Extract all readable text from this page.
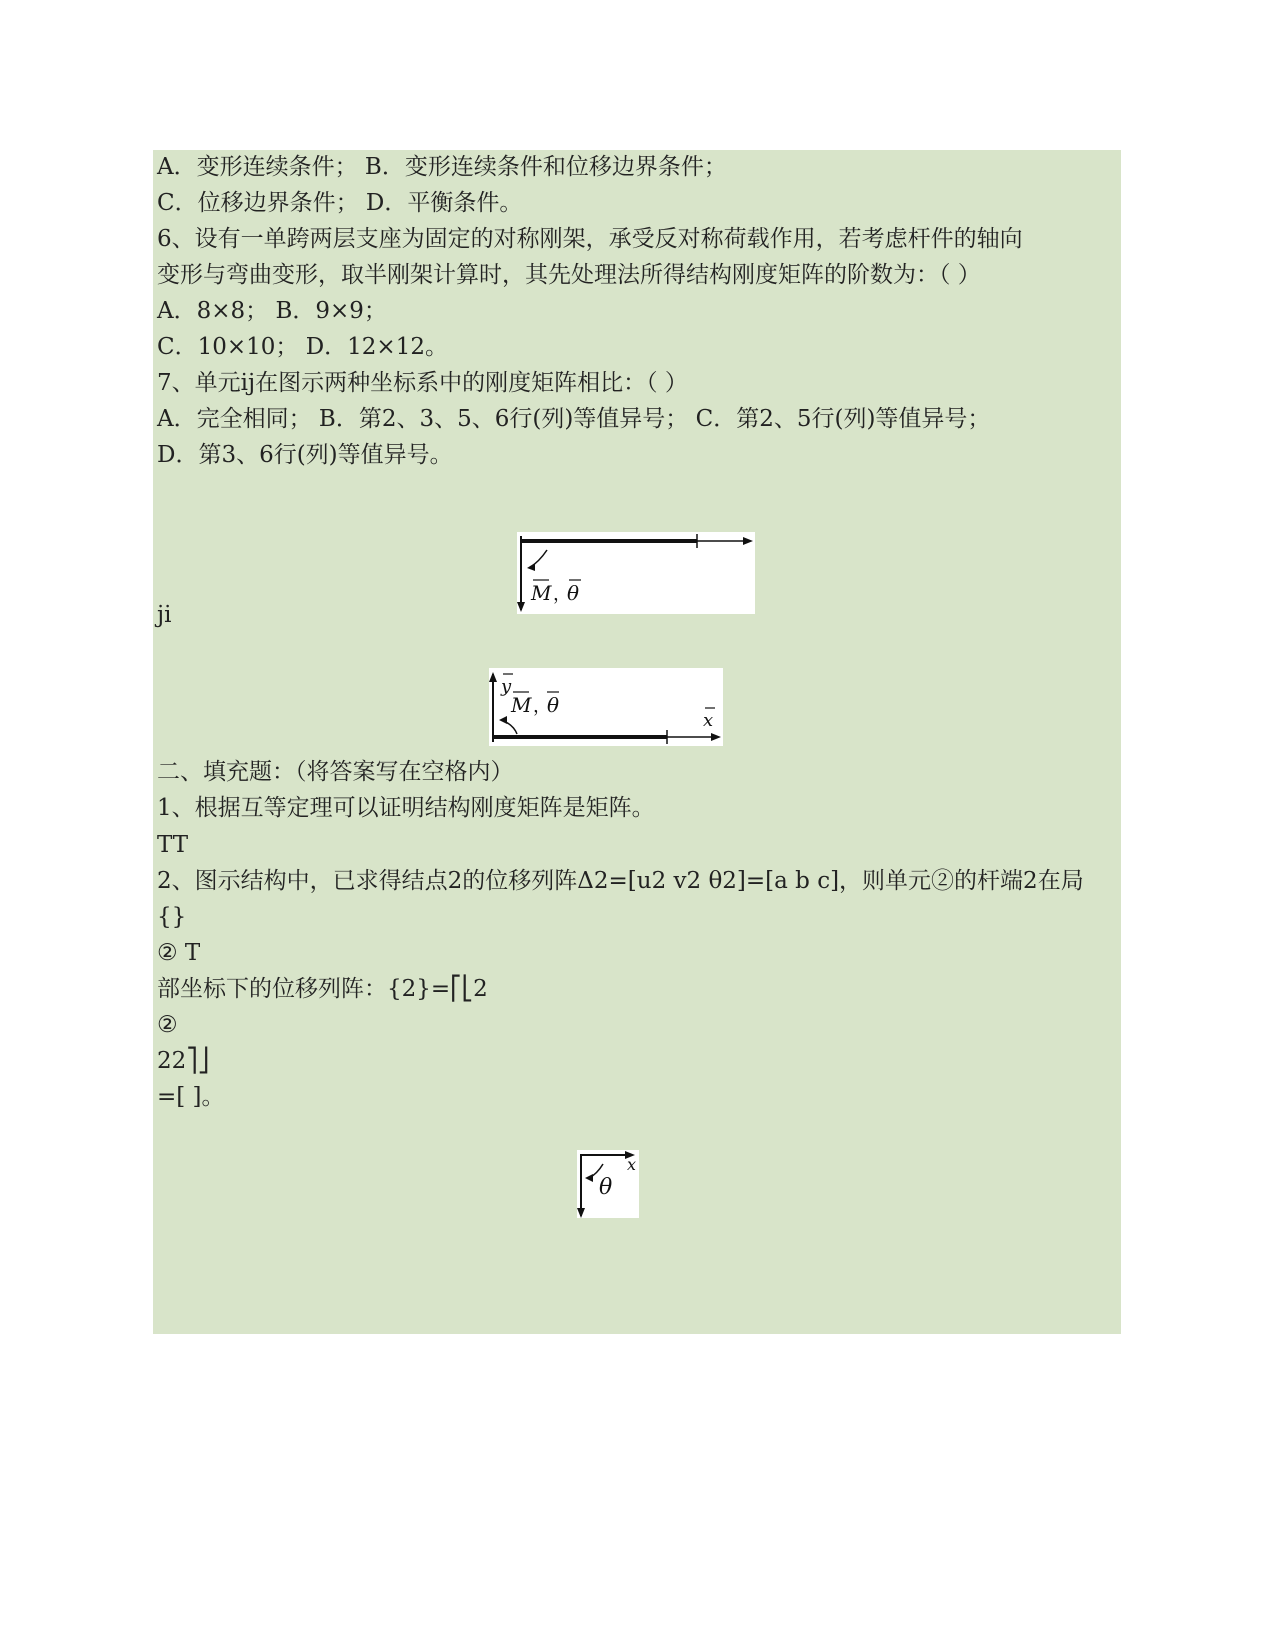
A．变形连续条件； B．变形连续条件和位移边界条件；
C．位移边界条件； D．平衡条件。
6、设有一单跨两层支座为固定的对称刚架，承受反对称荷载作用，若考虑杆件的轴向
变形与弯曲变形，取半刚架计算时，其先处理法所得结构刚度矩阵的阶数为：（ ）
A．8×8； B．9×9；
C．10×10； D．12×12。
7、单元ij在图示两种坐标系中的刚度矩阵相比：（ ）
A．完全相同； B．第2、3、5、6行(列)等值异号； C．第2、5行(列)等值异号；
D．第3、6行(列)等值异号。
M ，
θ
ji
y
M ，
θ
x
二、填充题：（将答案写在空格内）
1、根据互等定理可以证明结构刚度矩阵是矩阵。
TT
2、图示结构中，已求得结点2的位移列阵Δ2=[u2 v2 θ2]=[a b c]，则单元②的杆端2在局
{}
② T
部坐标下的位移列阵：{2}=⎡⎣2
②
22⎤⎦
=[ ]。
θ
x
